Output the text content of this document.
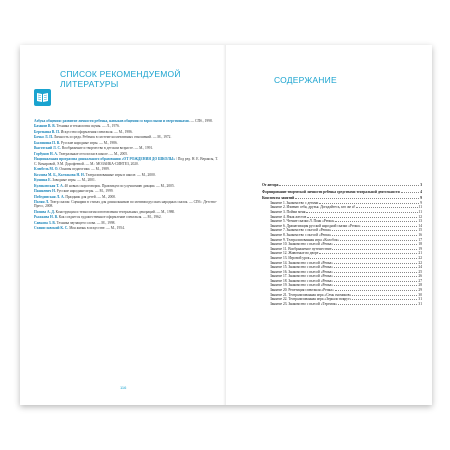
СПИСОК РЕКОМЕНДУЕМОЙ ЛИТЕРАТУРЫ
Азбука общения: развитие личности ребенка, навыков общения со взрослыми и сверстниками. — СПб., 1998.
Базанов В. В. Техника и технология сцены. — Л., 1976.
Березкина В. П. Искусство оформления спектакля. — М., 1986.
Бочко Л. П. Личность и среда. Ребенок в системе коллективных отношений. — М., 1972.
Былинина П. В. Русские народные игры. — М., 1986.
Выготский Л. С. Воображение и творчество в детском возрасте. — М., 1991.
Горбунов Н. А. Театральные отголоски в школе. — М., 2005.
Национальная программа дошкольного образования «ОТ РОЖДЕНИЯ ДО ШКОЛЫ» / Под ред. Н. Е. Вераксы, Т. С. Комаровой, Э.М. Дорофеевой. — М.: МОЗАИКА-СИНТЕЗ, 2020.
Клюбель М. О. Основы педагогики. — М., 1989.
Козлова М. Б., Колтакова Н. Н. Театрализованные игры в школе. — М., 2000.
Кушина Е. Заводные игры. — М., 2001.
Куликовская Т. А. 40 новых скороговорок. Практикум по улучшению дикции. — М., 2005.
Пашкевич Н. Русские народные игры. — М., 1999.
Победимская Л. А. Праздник для детей. — М., 2000.
Полян Л. Театр сказок: Сценарии в стихах для дошкольников по мотивам русских народных сказок. — СПб.: Детство-Пресс, 2008.
Попова А. Д. Конструкция и технология изготовления театральных декораций. — М., 1980.
Рыжкова Н. В. Как создается художественное оформление спектакля. — М., 1962.
Савкова З. В. Техника звучащего слова. — М., 1998.
Станиславский К. С. Моя жизнь в искусстве. — М., 1954.
116
СОДЕРЖАНИЕ
От автора	3
Формирование творческой личности ребенка средствами театральной деятельности	4
Конспекты занятий	9
Занятие 1. Знакомство с детьми	9
Занятие 2. Изменю себя, друзья. Догадайтесь, кто же я?	11
Занятие 3. Пойми меня	11
Занятие 4. Язык жестов	12
Занятие 5. Чтение сказки Л. Пояк «Репка»	13
Занятие 6. Драматизация русской народной сказки «Репка»	14
Занятие 7. Знакомство с пьесой «Репка»	15
Занятие 8. Знакомство с пьесой «Репка»	16
Занятие 9. Театрализованная игра «Колобок»	17
Занятие 10. Знакомство с пьесой «Репка»	18
Занятие 11. Воображаемое путешествие	19
Занятие 12. Животные во дворе	21
Занятие 13. Игровой урок	22
Занятие 14. Знакомство с пьесой «Репка»	22
Занятие 15. Знакомство с пьесой «Репка»	24
Занятие 16. Знакомство с пьесой «Репка»	25
Занятие 17. Знакомство с пьесой «Репка»	26
Занятие 18. Знакомство с пьесой «Репка»	27
Занятие 19. Знакомство с пьесой «Репка»	28
Занятие 20. Репетиция спектакля «Репка»	29
Занятие 21. Театрализованная игра «Семь гномиков»	30
Занятие 22. Театрализованная игра «Зеркало вокруг»	31
Занятие 23. Знакомство с пьесой «Теремок»	31
